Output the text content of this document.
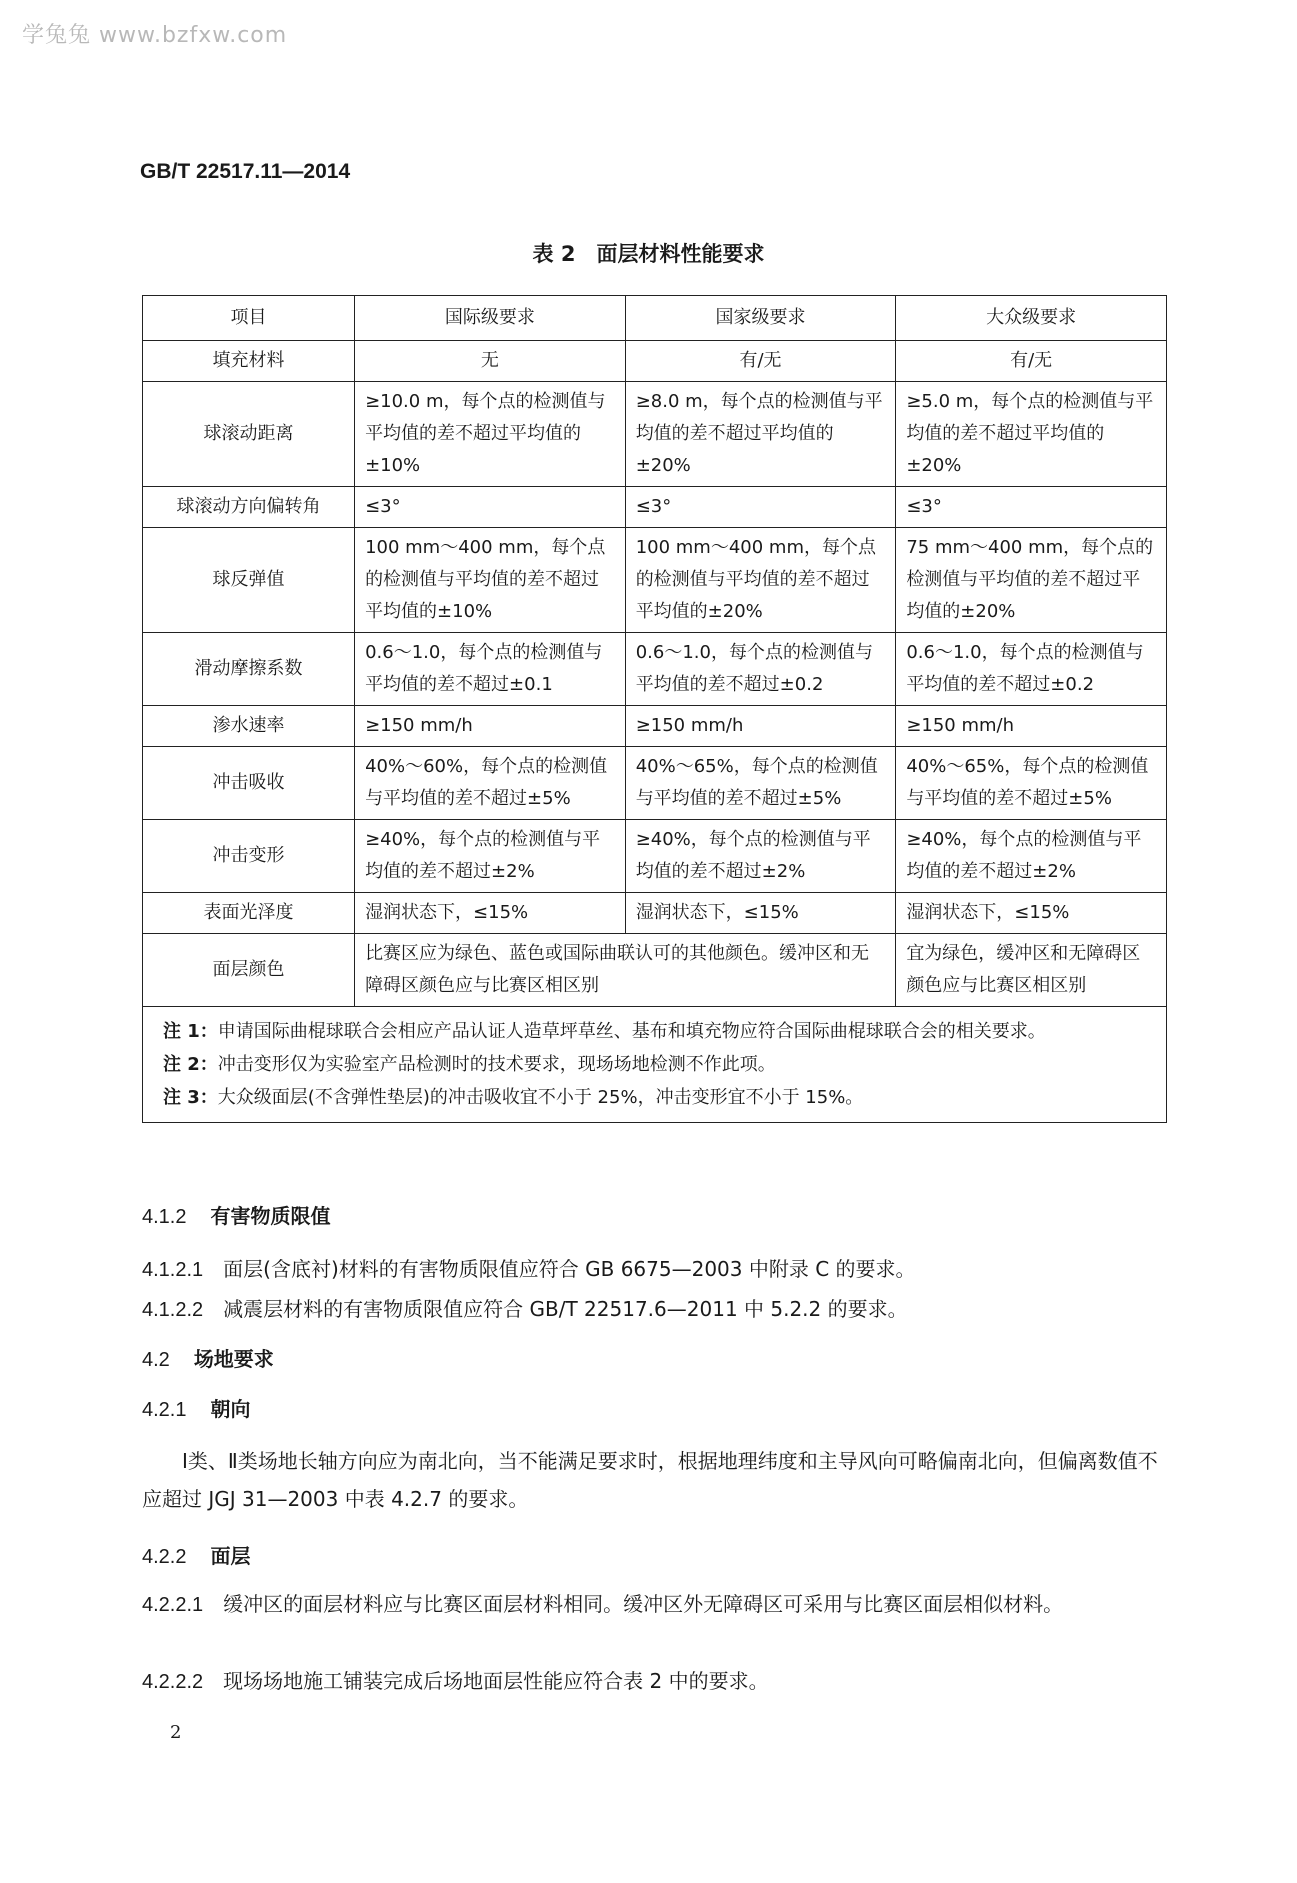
学兔兔 www.bzfxw.com
GB/T 22517.11—2014
表 2　面层材料性能要求
项目	国际级要求	国家级要求	大众级要求
填充材料	无	有/无	有/无
球滚动距离	≥10.0 m，每个点的检测值与平均值的差不超过平均值的±10%	≥8.0 m，每个点的检测值与平均值的差不超过平均值的±20%	≥5.0 m，每个点的检测值与平均值的差不超过平均值的±20%
球滚动方向偏转角	≤3°	≤3°	≤3°
球反弹值	100 mm～400 mm，每个点的检测值与平均值的差不超过平均值的±10%	100 mm～400 mm，每个点的检测值与平均值的差不超过平均值的±20%	75 mm～400 mm，每个点的检测值与平均值的差不超过平均值的±20%
滑动摩擦系数	0.6～1.0，每个点的检测值与平均值的差不超过±0.1	0.6～1.0，每个点的检测值与平均值的差不超过±0.2	0.6～1.0，每个点的检测值与平均值的差不超过±0.2
渗水速率	≥150 mm/h	≥150 mm/h	≥150 mm/h
冲击吸收	40%～60%，每个点的检测值与平均值的差不超过±5%	40%～65%，每个点的检测值与平均值的差不超过±5%	40%～65%，每个点的检测值与平均值的差不超过±5%
冲击变形	≥40%，每个点的检测值与平均值的差不超过±2%	≥40%，每个点的检测值与平均值的差不超过±2%	≥40%，每个点的检测值与平均值的差不超过±2%
表面光泽度	湿润状态下，≤15%	湿润状态下，≤15%	湿润状态下，≤15%
面层颜色	比赛区应为绿色、蓝色或国际曲联认可的其他颜色。缓冲区和无障碍区颜色应与比赛区相区别		宜为绿色，缓冲区和无障碍区颜色应与比赛区相区别

注 1：申请国际曲棍球联合会相应产品认证人造草坪草丝、基布和填充物应符合国际曲棍球联合会的相关要求。
注 2：冲击变形仅为实验室产品检测时的技术要求，现场场地检测不作此项。
注 3：大众级面层(不含弹性垫层)的冲击吸收宜不小于 25%，冲击变形宜不小于 15%。			
4.1.2 有害物质限值
4.1.2.1 面层(含底衬)材料的有害物质限值应符合 GB 6675—2003 中附录 C 的要求。
4.1.2.2 减震层材料的有害物质限值应符合 GB/T 22517.6—2011 中 5.2.2 的要求。
4.2 场地要求
4.2.1 朝向
Ⅰ类、Ⅱ类场地长轴方向应为南北向，当不能满足要求时，根据地理纬度和主导风向可略偏南北向，但偏离数值不应超过 JGJ 31—2003 中表 4.2.7 的要求。
4.2.2 面层
4.2.2.1 缓冲区的面层材料应与比赛区面层材料相同。缓冲区外无障碍区可采用与比赛区面层相似材料。
4.2.2.2 现场场地施工铺装完成后场地面层性能应符合表 2 中的要求。
2
